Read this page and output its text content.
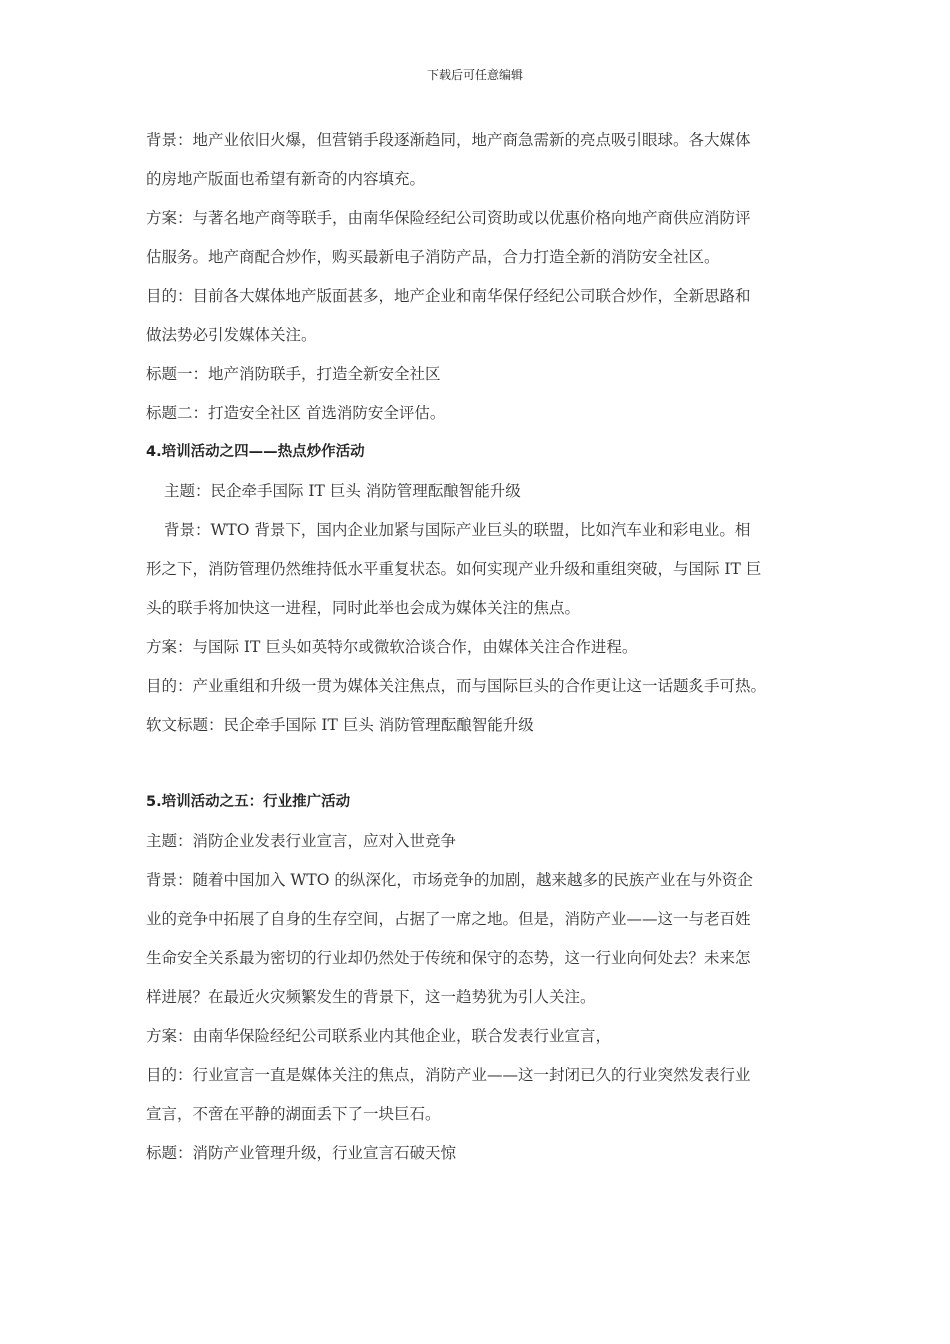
下载后可任意编辑
背景：地产业依旧火爆，但营销手段逐渐趋同，地产商急需新的亮点吸引眼球。各大媒体
的房地产版面也希望有新奇的内容填充。
方案：与著名地产商等联手，由南华保险经纪公司资助或以优惠价格向地产商供应消防评
估服务。地产商配合炒作，购买最新电子消防产品，合力打造全新的消防安全社区。
目的：目前各大媒体地产版面甚多，地产企业和南华保仔经纪公司联合炒作，全新思路和
做法势必引发媒体关注。
标题一：地产消防联手，打造全新安全社区
标题二：打造安全社区 首选消防安全评估。
4.培训活动之四——热点炒作活动
主题：民企牵手国际 IT 巨头 消防管理酝酿智能升级
背景：WTO 背景下，国内企业加紧与国际产业巨头的联盟，比如汽车业和彩电业。相
形之下，消防管理仍然维持低水平重复状态。如何实现产业升级和重组突破，与国际 IT 巨
头的联手将加快这一进程，同时此举也会成为媒体关注的焦点。
方案：与国际 IT 巨头如英特尔或微软洽谈合作，由媒体关注合作进程。
目的：产业重组和升级一贯为媒体关注焦点，而与国际巨头的合作更让这一话题炙手可热。
软文标题：民企牵手国际 IT 巨头 消防管理酝酿智能升级
5.培训活动之五：行业推广活动
主题：消防企业发表行业宣言，应对入世竞争
背景：随着中国加入 WTO 的纵深化，市场竞争的加剧，越来越多的民族产业在与外资企
业的竞争中拓展了自身的生存空间，占据了一席之地。但是，消防产业——这一与老百姓
生命安全关系最为密切的行业却仍然处于传统和保守的态势，这一行业向何处去？未来怎
样进展？在最近火灾频繁发生的背景下，这一趋势犹为引人关注。
方案：由南华保险经纪公司联系业内其他企业，联合发表行业宣言，
目的：行业宣言一直是媒体关注的焦点，消防产业——这一封闭已久的行业突然发表行业
宣言，不啻在平静的湖面丢下了一块巨石。
标题：消防产业管理升级，行业宣言石破天惊
